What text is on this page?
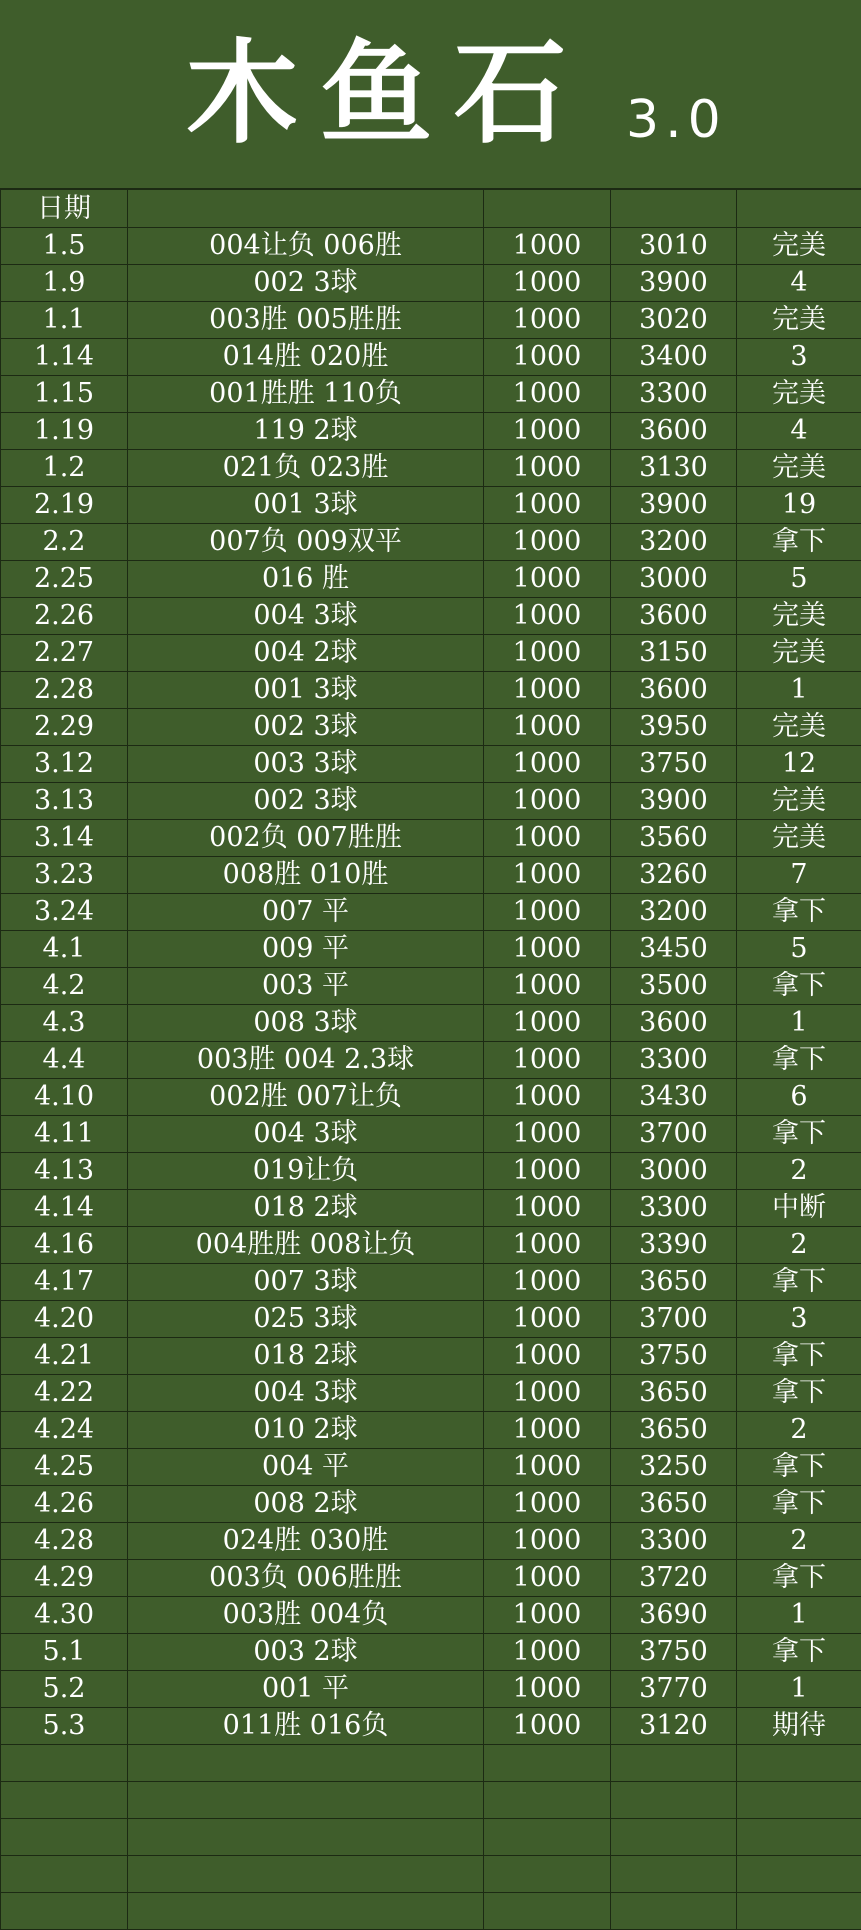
木鱼石 3.0
日期				
1.5	004让负 006胜	1000	3010	完美
1.9	002 3球	1000	3900	4
1.1	003胜 005胜胜	1000	3020	完美
1.14	014胜 020胜	1000	3400	3
1.15	001胜胜 110负	1000	3300	完美
1.19	119 2球	1000	3600	4
1.2	021负 023胜	1000	3130	完美
2.19	001 3球	1000	3900	19
2.2	007负 009双平	1000	3200	拿下
2.25	016 胜	1000	3000	5
2.26	004 3球	1000	3600	完美
2.27	004 2球	1000	3150	完美
2.28	001 3球	1000	3600	1
2.29	002 3球	1000	3950	完美
3.12	003 3球	1000	3750	12
3.13	002 3球	1000	3900	完美
3.14	002负 007胜胜	1000	3560	完美
3.23	008胜 010胜	1000	3260	7
3.24	007 平	1000	3200	拿下
4.1	009 平	1000	3450	5
4.2	003 平	1000	3500	拿下
4.3	008 3球	1000	3600	1
4.4	003胜 004 2.3球	1000	3300	拿下
4.10	002胜 007让负	1000	3430	6
4.11	004 3球	1000	3700	拿下
4.13	019让负	1000	3000	2
4.14	018 2球	1000	3300	中断
4.16	004胜胜 008让负	1000	3390	2
4.17	007 3球	1000	3650	拿下
4.20	025 3球	1000	3700	3
4.21	018 2球	1000	3750	拿下
4.22	004 3球	1000	3650	拿下
4.24	010 2球	1000	3650	2
4.25	004 平	1000	3250	拿下
4.26	008 2球	1000	3650	拿下
4.28	024胜 030胜	1000	3300	2
4.29	003负 006胜胜	1000	3720	拿下
4.30	003胜 004负	1000	3690	1
5.1	003 2球	1000	3750	拿下
5.2	001 平	1000	3770	1
5.3	011胜 016负	1000	3120	期待
